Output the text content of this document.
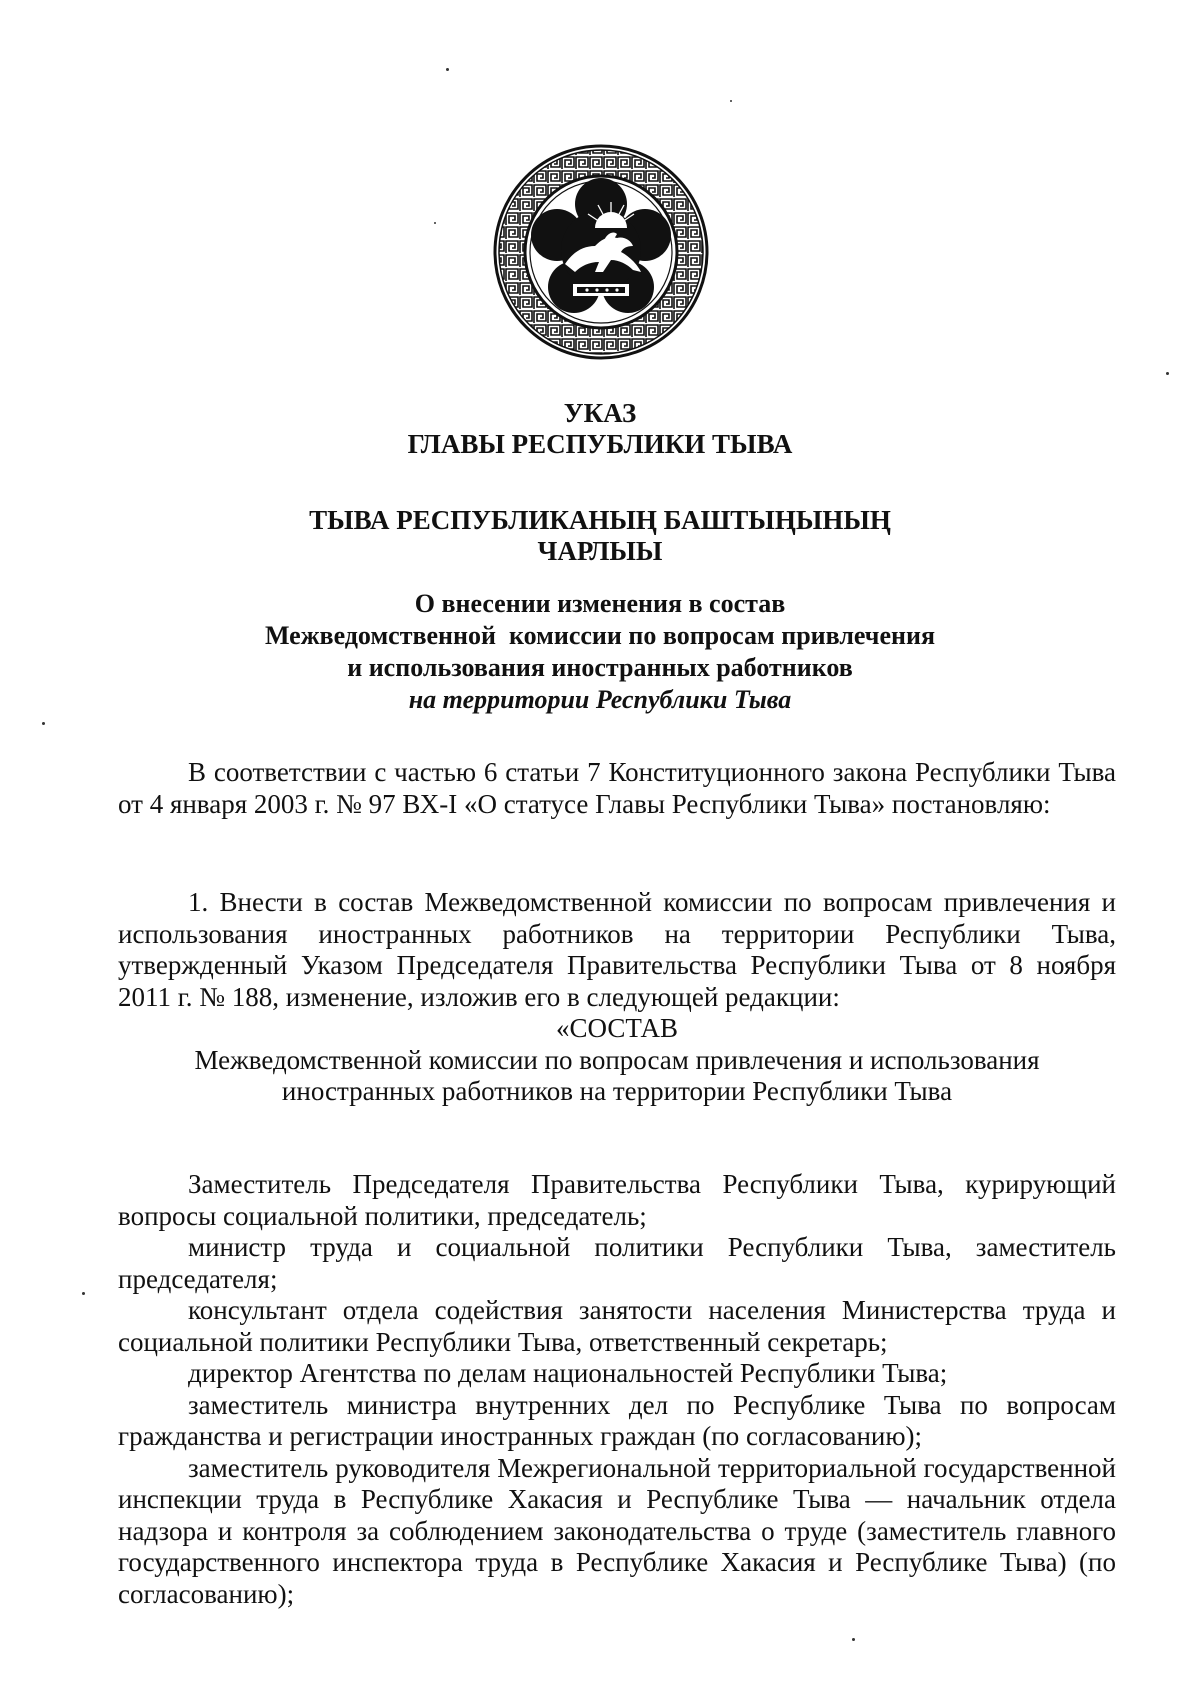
УКАЗ
ГЛАВЫ РЕСПУБЛИКИ ТЫВА
ТЫВА РЕСПУБЛИКАНЫҢ БАШТЫҢЫНЫҢ
ЧАРЛЫЫ
О внесении изменения в состав
Межведомственной  комиссии по вопросам привлечения
и использования иностранных работников
на территории Республики Тыва

В соответствии с частью 6 статьи 7 Конституционного закона Республики Тыва от 4 января 2003 г. № 97 ВХ-I «О статусе Главы Республики Тыва» постановляю:

1. Внести в состав Межведомственной комиссии по вопросам привлечения и использования иностранных работников на территории Республики Тыва, утвержденный Указом Председателя Правительства Республики Тыва от 8 ноября 2011 г. № 188, изменение, изложив его в следующей редакции:

«СОСТАВ

Межведомственной комиссии по вопросам привлечения и использования

иностранных работников на территории Республики Тыва

Заместитель Председателя Правительства Республики Тыва, курирующий вопросы социальной политики, председатель;

министр труда и социальной политики Республики Тыва, заместитель председателя;

консультант отдела содействия занятости населения Министерства труда и социальной политики Республики Тыва, ответственный секретарь;

директор Агентства по делам национальностей Республики Тыва;

заместитель министра внутренних дел по Республике Тыва по вопросам гражданства и регистрации иностранных граждан (по согласованию);

заместитель руководителя Межрегиональной территориальной государственной инспекции труда в Республике Хакасия и Республике Тыва — начальник отдела надзора и контроля за соблюдением законодательства о труде (заместитель главного государственного инспектора труда в Республике Хакасия и Республике Тыва) (по согласованию);
